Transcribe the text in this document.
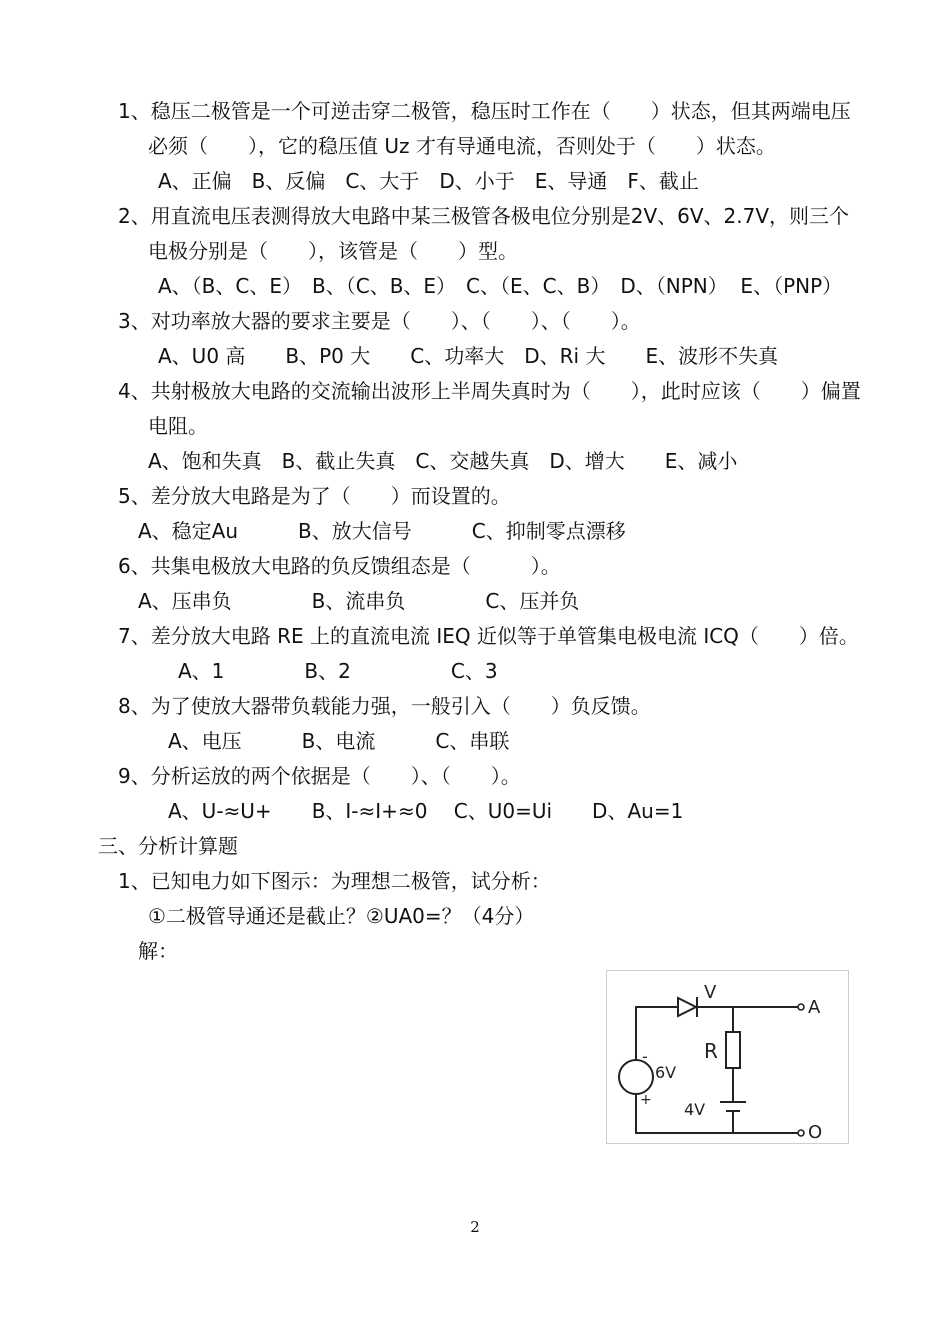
1、稳压二极管是一个可逆击穿二极管，稳压时工作在（　　）状态，但其两端电压
必须（　　），它的稳压值 Uz 才有导通电流，否则处于（　　）状态。
A、正偏　B、反偏　C、大于　D、小于　E、导通　F、截止
2、用直流电压表测得放大电路中某三极管各极电位分别是2V、6V、2.7V，则三个
电极分别是（　　），该管是（　　）型。
A、（B、C、E）　B、（C、B、E）　C、（E、C、B）　D、（NPN）  E、（PNP）
3、对功率放大器的要求主要是（　　）、（　　）、（　　）。
A、U0 高　　B、P0 大　　C、功率大　D、Ri 大　　E、波形不失真
4、共射极放大电路的交流输出波形上半周失真时为（　　），此时应该（　　）偏置
电阻。
A、饱和失真　B、截止失真　C、交越失真　D、增大　　E、减小
5、差分放大电路是为了（　　）而设置的。
A、稳定Au　　　B、放大信号　　　C、抑制零点漂移
6、共集电极放大电路的负反馈组态是（　　　）。
A、压串负　　　　B、流串负　　　　C、压并负
7、差分放大电路 RE 上的直流电流 IEQ 近似等于单管集电极电流 ICQ（　　）倍。
A、1　　　　B、2　　　　　C、3
8、为了使放大器带负载能力强，一般引入（　　）负反馈。
A、电压　　　B、电流　　　C、串联
9、分析运放的两个依据是（　　）、（　　）。
A、U-≈U+　　B、I-≈I+≈0　 C、U0=Ui　　D、Au=1
三、分析计算题
1、已知电力如下图示：为理想二极管，试分析：
①二极管导通还是截止？②UA0=？（4分）
解：
V
R
6V
4V
A
O
-
+
2
